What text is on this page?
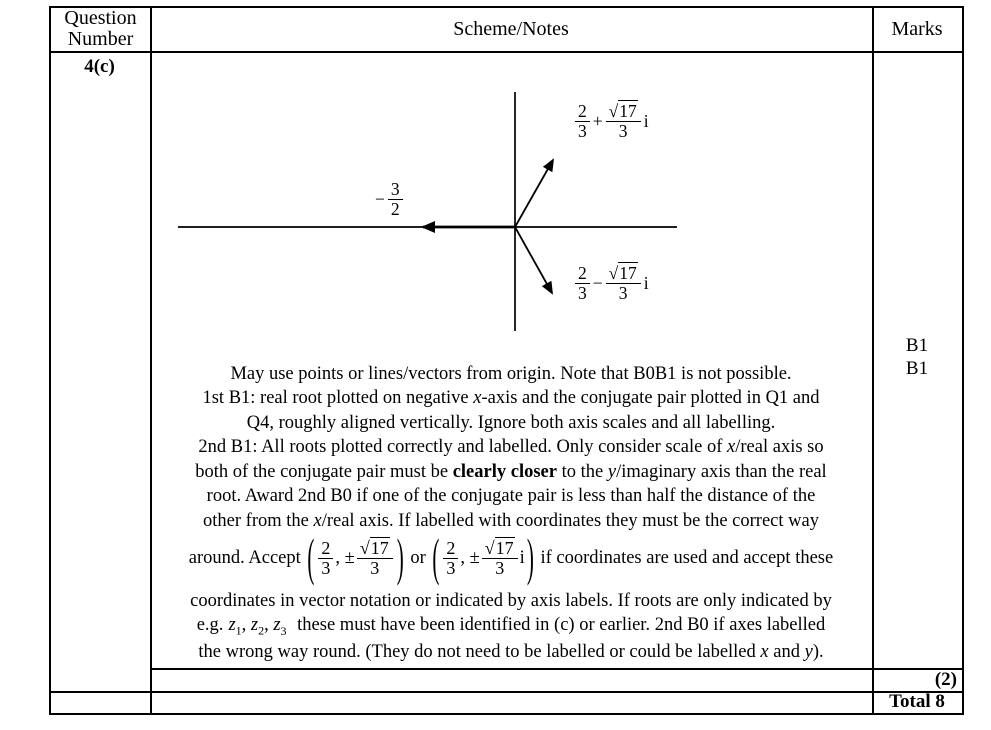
Question Number	Scheme/Notes	Marks
4(c)
− $\frac{3}{2}$
$\frac{2}{3} + \frac{√17}{3}$ i
$\frac{2}{3} - \frac{√17}{3}$ i
May use points or lines/vectors from origin. Note that B0B1 is not possible.
1st B1: real root plotted on negative x-axis and the conjugate pair plotted in Q1 and
Q4, roughly aligned vertically. Ignore both axis scales and all labelling.
2nd B1: All roots plotted correctly and labelled. Only consider scale of x/real axis so
both of the conjugate pair must be clearly closer to the y/imaginary axis than the real
root. Award 2nd B0 if one of the conjugate pair is less than half the distance of the
other from the x/real axis. If labelled with coordinates they must be the correct way
around. Accept ( 2
3 , ± $\frac{√17}{3}$ ) or ( 2
3 , ± $\frac{√17}{3}$ i ) if coordinates are used and accept these
coordinates in vector notation or indicated by axis labels. If roots are only indicated by
e.g. $z_1$, $z_2$, $z_3$ these must have been identified in (c) or earlier. 2nd B0 if axes labelled
the wrong way round. (They do not need to be labelled or could be labelled x and y).
B1
B1
(2)
Total 8
